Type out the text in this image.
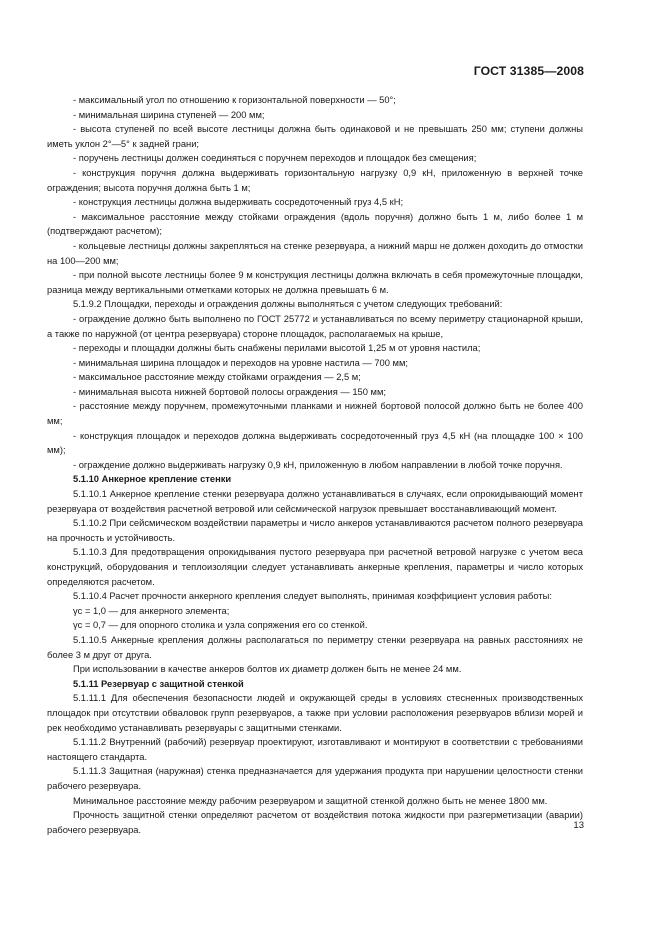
ГОСТ 31385—2008

- максимальный угол по отношению к горизонтальной поверхности — 50°;

- минимальная ширина ступеней — 200 мм;

- высота ступеней по всей высоте лестницы должна быть одинаковой и не превышать 250 мм; ступени должны иметь уклон 2°—5° к задней грани;

- поручень лестницы должен соединяться с поручнем переходов и площадок без смещения;

- конструкция поручня должна выдерживать горизонтальную нагрузку 0,9 кН, приложенную в верхней точке ограждения; высота поручня должна быть 1 м;

- конструкция лестницы должна выдерживать сосредоточенный груз 4,5 кН;

- максимальное расстояние между стойками ограждения (вдоль поручня) должно быть 1 м, либо более 1 м (подтверждают расчетом);

- кольцевые лестницы должны закрепляться на стенке резервуара, а нижний марш не должен доходить до отмостки на 100—200 мм;

- при полной высоте лестницы более 9 м конструкция лестницы должна включать в себя промежуточные площадки, разница между вертикальными отметками которых не должна превышать 6 м.

5.1.9.2 Площадки, переходы и ограждения должны выполняться с учетом следующих требований:

- ограждение должно быть выполнено по ГОСТ 25772 и устанавливаться по всему периметру стационарной крыши, а также по наружной (от центра резервуара) стороне площадок, располагаемых на крыше,

- переходы и площадки должны быть снабжены перилами высотой 1,25 м от уровня настила;

- минимальная ширина площадок и переходов на уровне настила — 700 мм;

- максимальное расстояние между стойками ограждения — 2,5 м;

- минимальная высота нижней бортовой полосы ограждения — 150 мм;

- расстояние между поручнем, промежуточными планками и нижней бортовой полосой должно быть не более 400 мм;

- конструкция площадок и переходов должна выдерживать сосредоточенный груз 4,5 кН (на площадке 100 × 100 мм);

- ограждение должно выдерживать нагрузку 0,9 кН, приложенную в любом направлении в любой точке поручня.

5.1.10 Анкерное крепление стенки

5.1.10.1 Анкерное крепление стенки резервуара должно устанавливаться в случаях, если опрокидывающий момент резервуара от воздействия расчетной ветровой или сейсмической нагрузок превышает восстанавливающий момент.

5.1.10.2 При сейсмическом воздействии параметры и число анкеров устанавливаются расчетом полного резервуара на прочность и устойчивость.

5.1.10.3 Для предотвращения опрокидывания пустого резервуара при расчетной ветровой нагрузке с учетом веса конструкций, оборудования и теплоизоляции следует устанавливать анкерные крепления, параметры и число которых определяются расчетом.

5.1.10.4 Расчет прочности анкерного крепления следует выполнять, принимая коэффициент условия работы:

γc = 1,0 — для анкерного элемента;

γc = 0,7 — для опорного столика и узла сопряжения его со стенкой.

5.1.10.5 Анкерные крепления должны располагаться по периметру стенки резервуара на равных расстояниях не более 3 м друг от друга.

При использовании в качестве анкеров болтов их диаметр должен быть не менее 24 мм.

5.1.11 Резервуар с защитной стенкой

5.1.11.1 Для обеспечения безопасности людей и окружающей среды в условиях стесненных производственных площадок при отсутствии обваловок групп резервуаров, а также при условии расположения резервуаров вблизи морей и рек необходимо устанавливать резервуары с защитными стенками.

5.1.11.2 Внутренний (рабочий) резервуар проектируют, изготавливают и монтируют в соответствии с требованиями настоящего стандарта.

5.1.11.3 Защитная (наружная) стенка предназначается для удержания продукта при нарушении целостности стенки рабочего резервуара.

Минимальное расстояние между рабочим резервуаром и защитной стенкой должно быть не менее 1800 мм.

Прочность защитной стенки определяют расчетом от воздействия потока жидкости при разгерметизации (аварии) рабочего резервуара.	13
